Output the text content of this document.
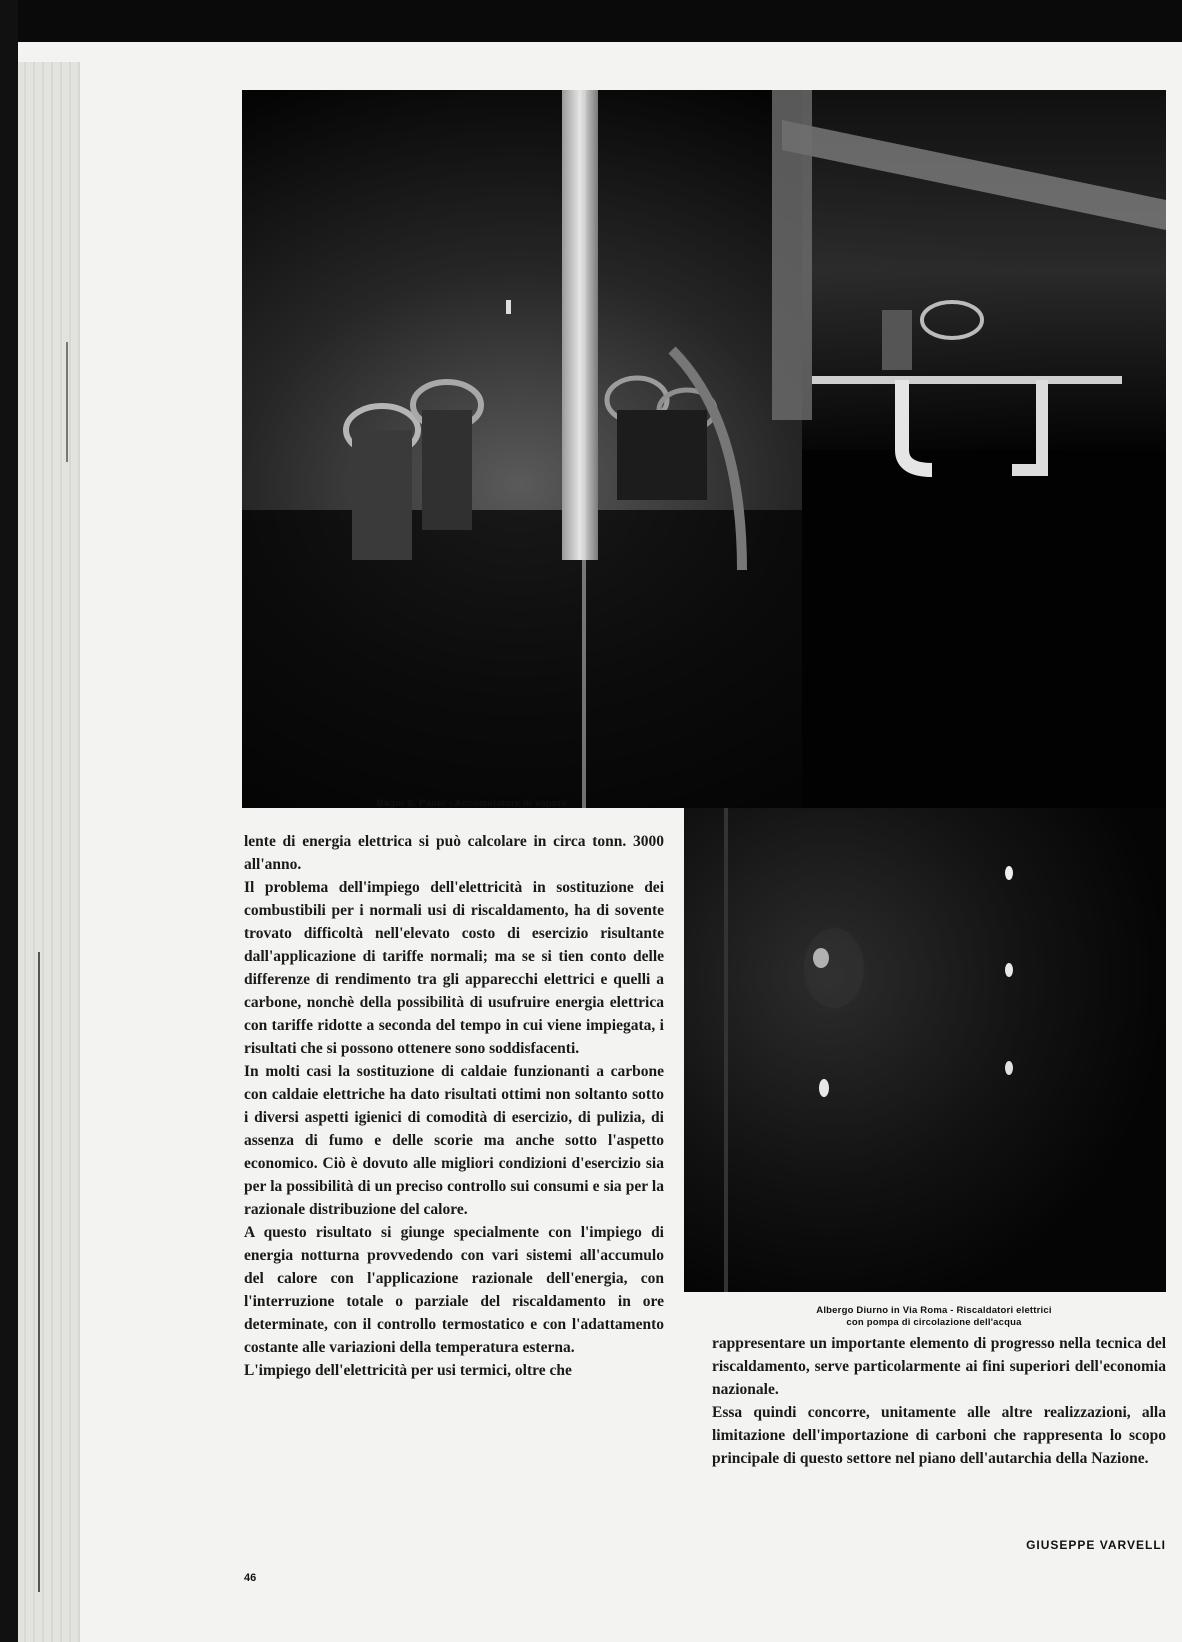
Bagni S. Paolo - Accumulatore di vapore
Albergo Diurno in Via Roma - Riscaldatori elettrici
con pompa di circolazione dell'acqua

lente di energia elettrica si può calcolare in circa tonn. 3000 all'anno.

Il problema dell'impiego dell'elettricità in sostituzione dei combustibili per i normali usi di riscaldamento, ha di sovente trovato difficoltà nell'elevato costo di esercizio risultante dall'applicazione di tariffe normali; ma se si tien conto delle differenze di rendimento tra gli apparecchi elettrici e quelli a carbone, nonchè della possibilità di usufruire energia elettrica con tariffe ridotte a seconda del tempo in cui viene impiegata, i risultati che si possono ottenere sono soddisfacenti.

In molti casi la sostituzione di caldaie funzionanti a carbone con caldaie elettriche ha dato risultati ottimi non soltanto sotto i diversi aspetti igienici di comodità di esercizio, di pulizia, di assenza di fumo e delle scorie ma anche sotto l'aspetto economico. Ciò è dovuto alle migliori condizioni d'esercizio sia per la possibilità di un preciso controllo sui consumi e sia per la razionale distribuzione del calore.

A questo risultato si giunge specialmente con l'impiego di energia notturna provvedendo con vari sistemi all'accumulo del calore con l'applicazione razionale dell'energia, con l'interruzione totale o parziale del riscaldamento in ore determinate, con il controllo termostatico e con l'adattamento costante alle variazioni della temperatura esterna.

L'impiego dell'elettricità per usi termici, oltre che

rappresentare un importante elemento di progresso nella tecnica del riscaldamento, serve particolarmente ai fini superiori dell'economia nazionale.

Essa quindi concorre, unitamente alle altre realizzazioni, alla limitazione dell'importazione di carboni che rappresenta lo scopo principale di questo settore nel piano dell'autarchia della Nazione.

GIUSEPPE VARVELLI
46
